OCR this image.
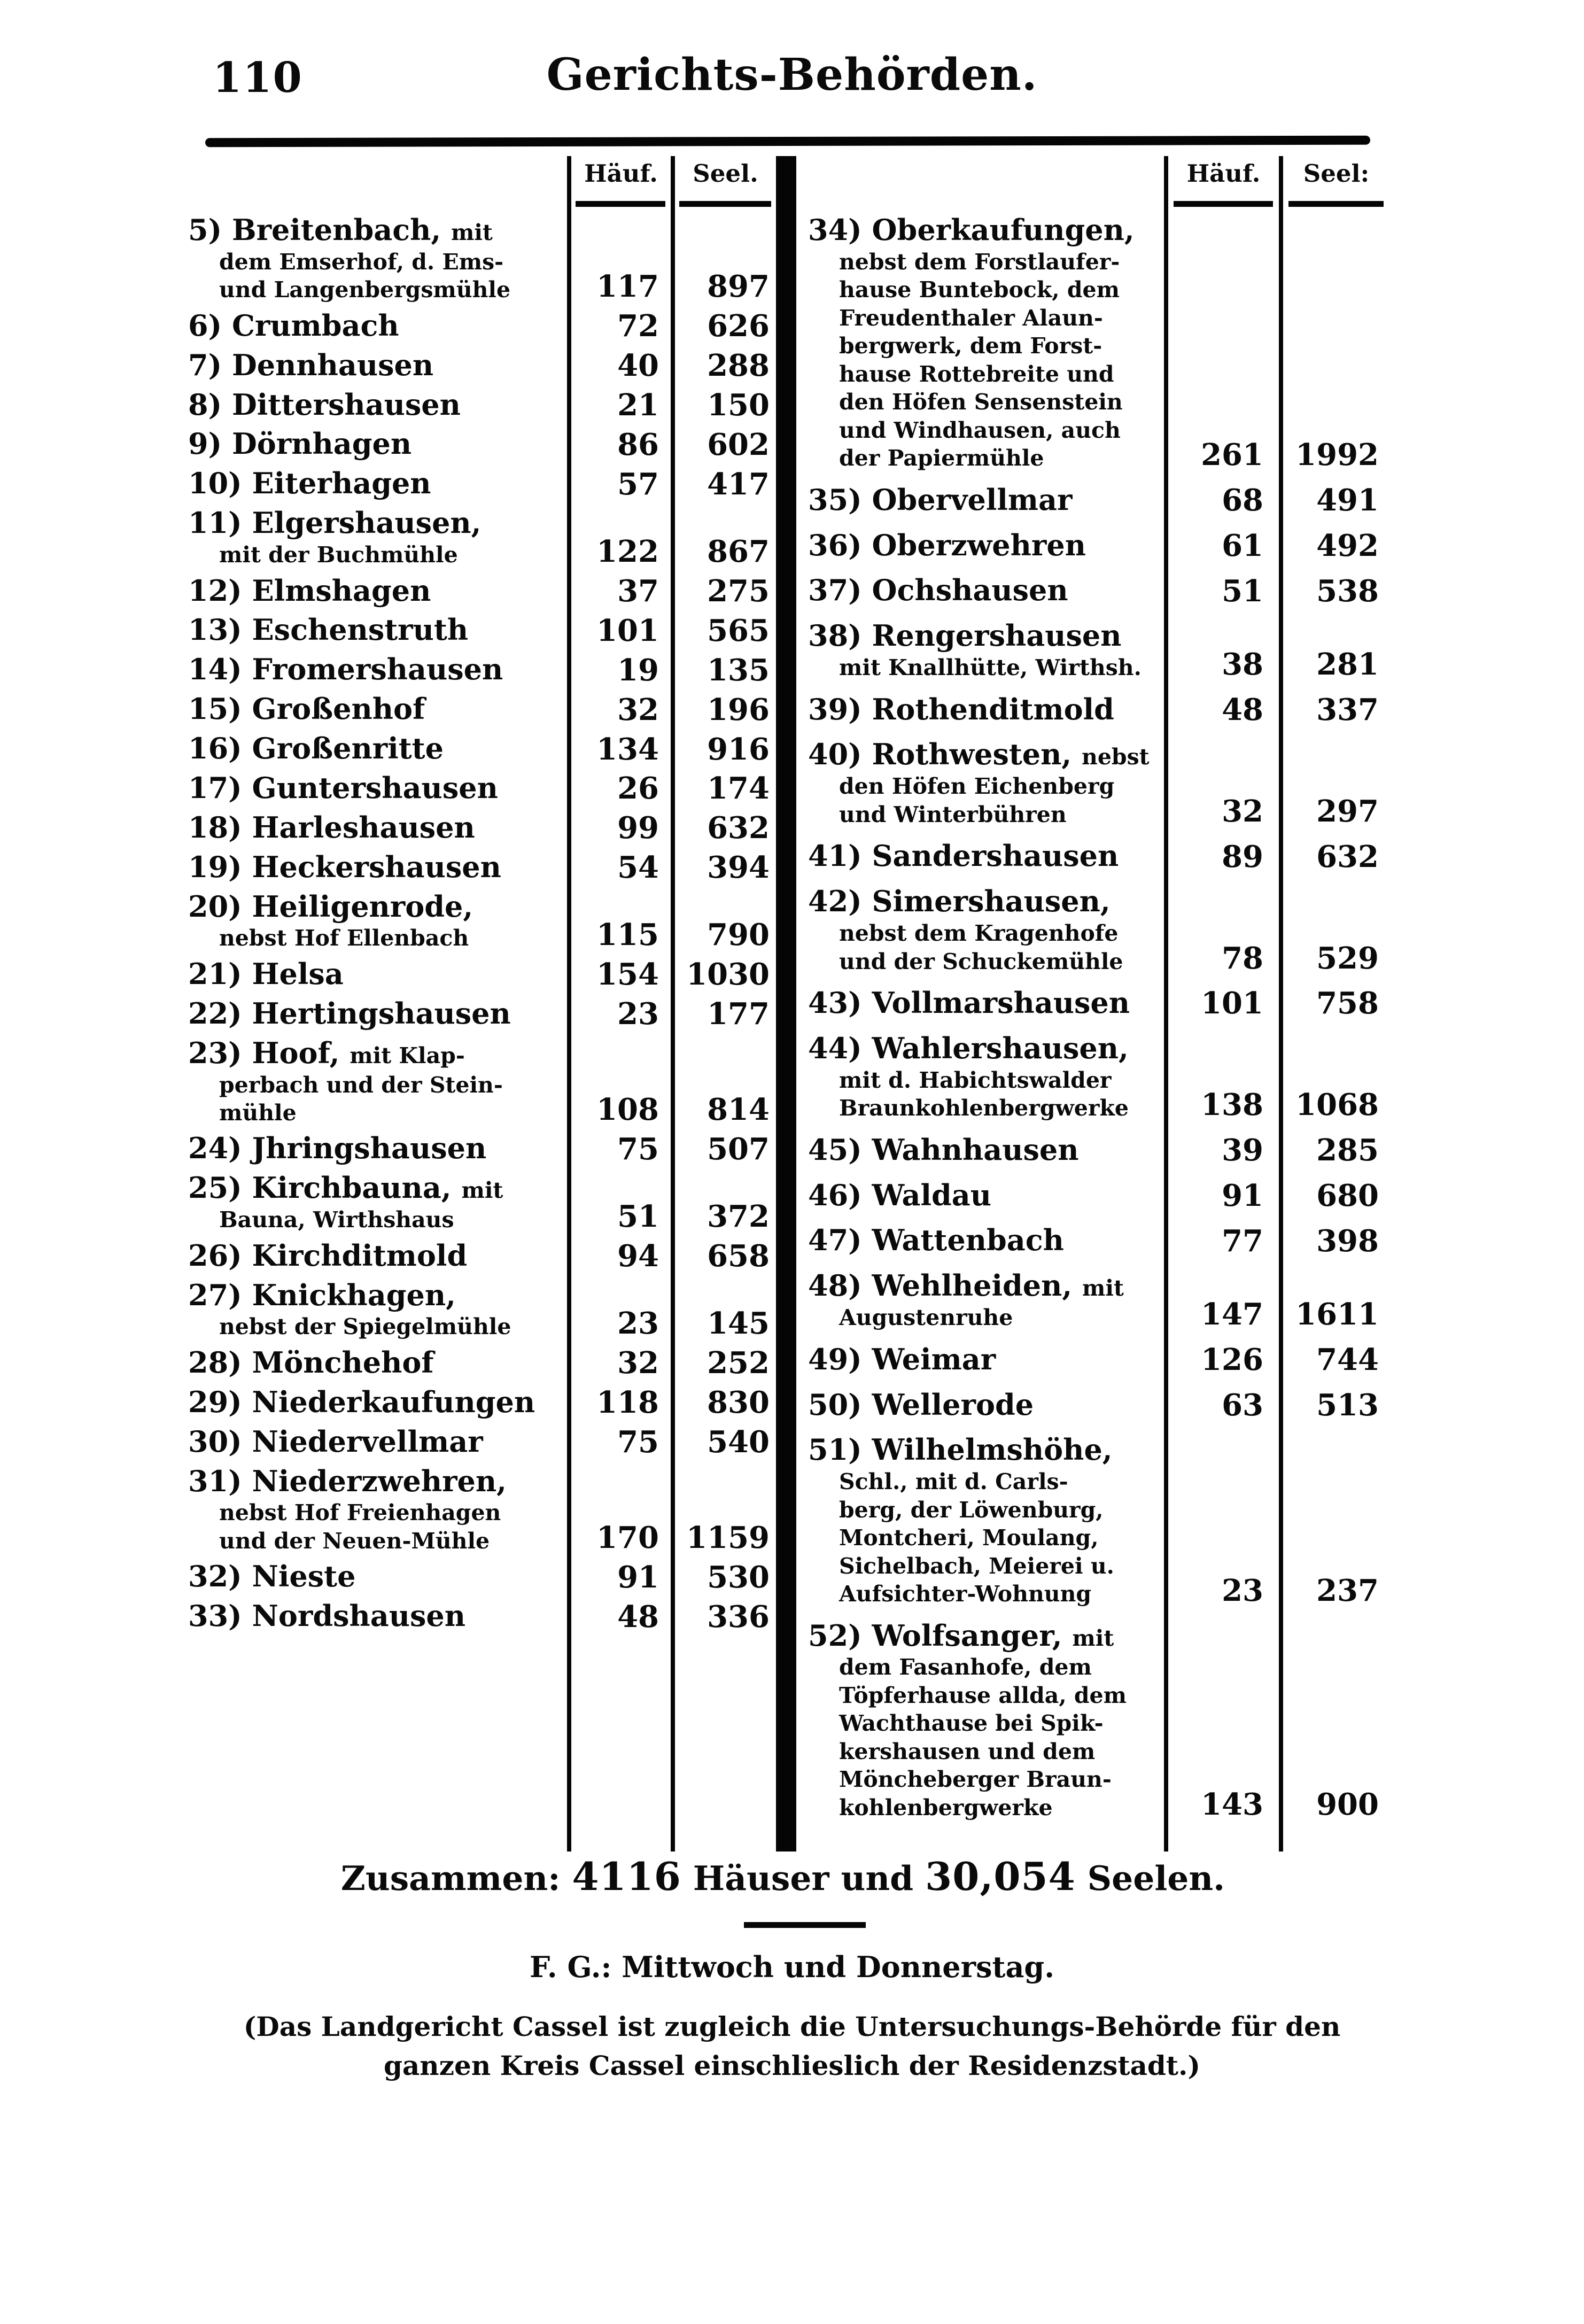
110	Gerichts-Behörden.
Häuf.	Seel.
5) Breitenbach, mit
dem Emserhof, d. Ems-
und Langenbergsmühle	117	897
6) Crumbach	72	626
7) Dennhausen	40	288
8) Dittershausen	21	150
9) Dörnhagen	86	602
10) Eiterhagen	57	417
11) Elgershausen,
mit der Buchmühle	122	867
12) Elmshagen	37	275
13) Eschenstruth	101	565
14) Fromershausen	19	135
15) Großenhof	32	196
16) Großenritte	134	916
17) Guntershausen	26	174
18) Harleshausen	99	632
19) Heckershausen	54	394
20) Heiligenrode,
nebst Hof Ellenbach	115	790
21) Helsa	154 1030
22) Hertingshausen	23	177
23) Hoof, mit Klap-
perbach und der Stein-
mühle	108	814
24) Jhringshausen	75	507
25) Kirchbauna, mit
Bauna, Wirthshaus	51	372
26) Kirchditmold	94	658
27) Knickhagen,
nebst der Spiegelmühle	23	145
28) Mönchehof	32	252
29) Niederkaufungen	118	830
30) Niedervellmar	75	540
31) Niederzwehren,
nebst Hof Freienhagen
und der Neuen-Mühle	170 1159
32) Nieste	91	530
33) Nordshausen	48	336
Häuf.	Seel:
34) Oberkaufungen,
nebst dem Forstlaufer-
hause Buntebock, dem
Freudenthaler Alaun-
bergwerk, dem Forst-
hause Rottebreite und
den Höfen Sensenstein
und Windhausen, auch
der Papiermühle	261	1992
35) Obervellmar	68	491
36) Oberzwehren	61	492
37) Ochshausen	51	538
38) Rengershausen
mit Knallhütte, Wirthsh.	38	281
39) Rothenditmold	48	337
40) Rothwesten, nebst
den Höfen Eichenberg
und Winterbühren	32	297
41) Sandershausen	89	632
42) Simershausen,
nebst dem Kragenhofe
und der Schuckemühle	78	529
43) Vollmarshausen	101	758
44) Wahlershausen,
mit d. Habichtswalder
Braunkohlenbergwerke	138	1068
45) Wahnhausen	39	285
46) Waldau	91	680
47) Wattenbach	77	398
48) Wehlheiden, mit
Augustenruhe	147	1611
49) Weimar	126	744
50) Wellerode	63	513
51) Wilhelmshöhe,
Schl., mit d. Carls-
berg, der Löwenburg,
Montcheri, Moulang,
Sichelbach, Meierei u.
Aufsichter-Wohnung	23	237
52) Wolfsanger, mit
dem Fasanhofe, dem
Töpferhause allda, dem
Wachthause bei Spik-
kershausen und dem
Möncheberger Braun-
kohlenbergwerke	143	900
Zusammen: 4116 Häuser und 30,054 Seelen.
F. G.: Mittwoch und Donnerstag.
(Das Landgericht Cassel ist zugleich die Untersuchungs-Behörde für den
ganzen Kreis Cassel einschlieslich der Residenzstadt.)
